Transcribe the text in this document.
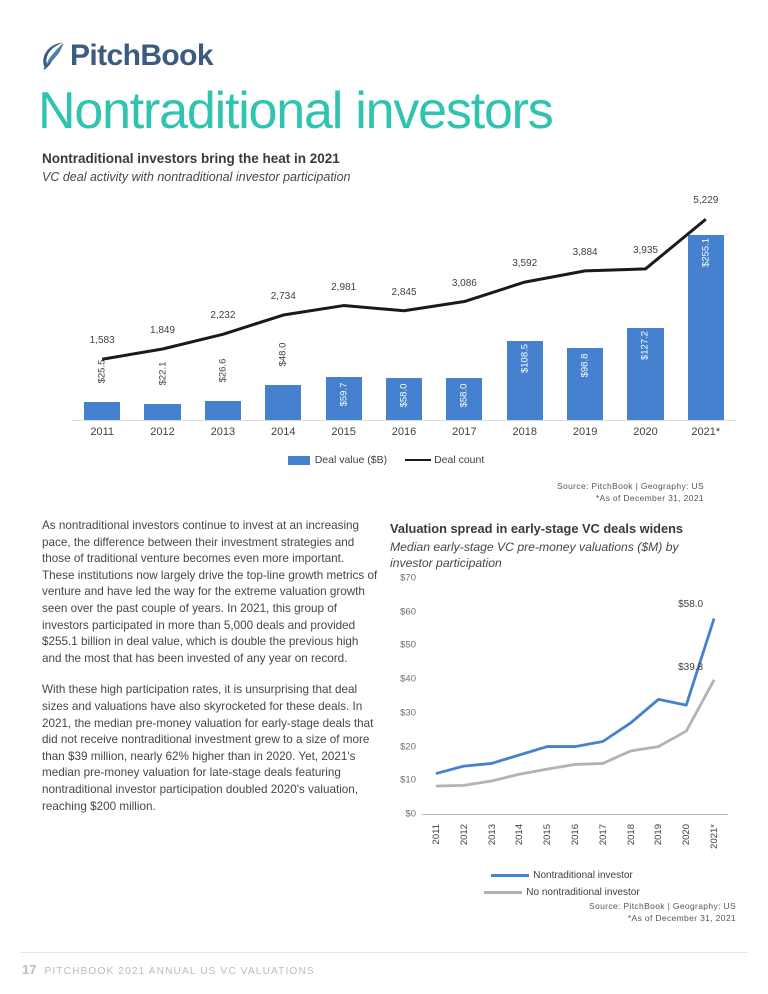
PitchBook
Nontraditional investors
Nontraditional investors bring the heat in 2021
VC deal activity with nontraditional investor participation
$25.5	$22.1	$26.6
$48.0
$59.7	$58.0	$58.0
$108.5	$98.8
$127.2
$255.1
1,583
1,849
2,232
2,734
2,981	2,845
3,086
3,592
3,884	3,935
5,229
2011	2012	2013	2014	2015	2016	2017	2018	2019	2020	2021*
Deal value ($B)	Deal count
Source: PitchBook | Geography: US
*As of December 31, 2021

As nontraditional investors continue to invest at an increasing pace, the difference between their investment strategies and those of traditional venture becomes even more important. These institutions now largely drive the top-line growth metrics of venture and have led the way for the extreme valuation growth seen over the past couple of years. In 2021, this group of investors participated in more than 5,000 deals and provided $255.1 billion in deal value, which is double the previous high and the most that has been invested of any year on record.

With these high participation rates, it is unsurprising that deal sizes and valuations have also skyrocketed for these deals. In 2021, the median pre-money valuation for early-stage deals that did not receive nontraditional investment grew to a size of more than $39 million, nearly 62% higher than in 2020. Yet, 2021's median pre-money valuation for late-stage deals featuring nontraditional investor participation doubled 2020's valuation, reaching $200 million.

Valuation spread in early-stage VC deals widens
Median early-stage VC pre-money valuations ($M) by investor participation
$0
$10
$20
$30
$40
$50
$60
$70
$58.0
$39.8
2011 2012 2013 2014 2015 2016 2017 2018 2019 2020 2021*
Nontraditional investor
No nontraditional investor
Source: PitchBook | Geography: US
*As of December 31, 2021
17 PITCHBOOK 2021 ANNUAL US VC VALUATIONS
